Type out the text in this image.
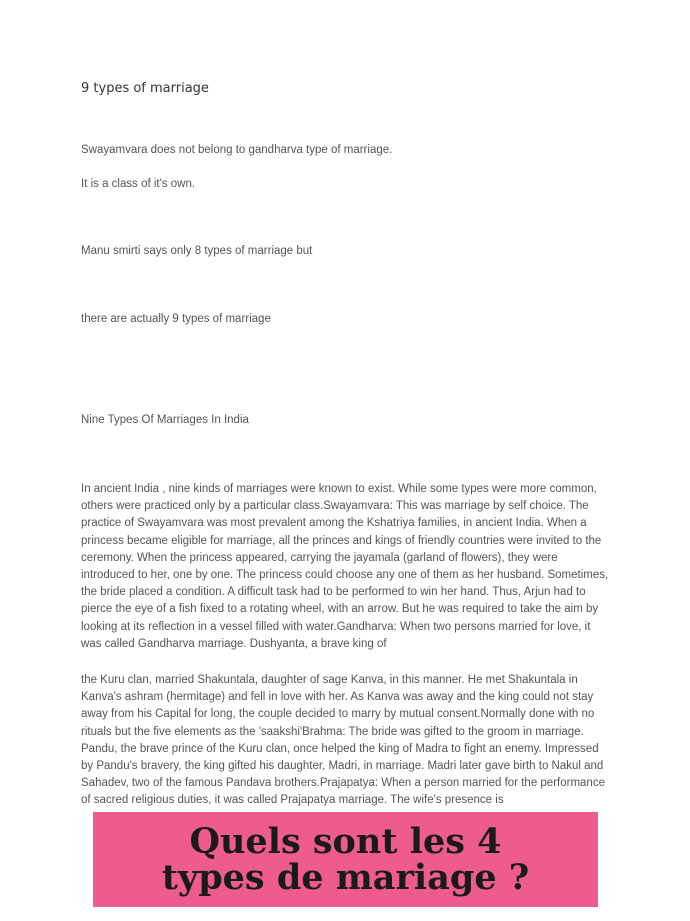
9 types of marriage
Swayamvara does not belong to gandharva type of marriage.
It is a class of it's own.
Manu smirti says only 8 types of marriage but
there are actually 9 types of marriage
Nine Types Of Marriages In India

In ancient India , nine kinds of marriages were known to exist. While some types were more common, others were practiced only by a particular class.Swayamvara: This was marriage by self choice. The practice of Swayamvara was most prevalent among the Kshatriya families, in ancient India. When a princess became eligible for marriage, all the princes and kings of friendly countries were invited to the ceremony. When the princess appeared, carrying the jayamala (garland of flowers), they were introduced to her, one by one. The princess could choose any one of them as her husband. Sometimes, the bride placed a condition. A difficult task had to be performed to win her hand. Thus, Arjun had to pierce the eye of a fish fixed to a rotating wheel, with an arrow. But he was required to take the aim by looking at its reflection in a vessel filled with water.Gandharva: When two persons married for love, it was called Gandharva marriage. Dushyanta, a brave king of

the Kuru clan, married Shakuntala, daughter of sage Kanva, in this manner. He met Shakuntala in Kanva's ashram (hermitage) and fell in love with her. As Kanva was away and the king could not stay away from his Capital for long, the couple decided to marry by mutual consent.Normally done with no rituals but the five elements as the 'saakshi'Brahma: The bride was gifted to the groom in marriage. Pandu, the brave prince of the Kuru clan, once helped the king of Madra to fight an enemy. Impressed by Pandu's bravery, the king gifted his daughter, Madri, in marriage. Madri later gave birth to Nakul and Sahadev, two of the famous Pandava brothers.Prajapatya: When a person married for the performance of sacred religious duties, it was called Prajapatya marriage. The wife's presence is

Quels sont les 4
types de mariage ?
